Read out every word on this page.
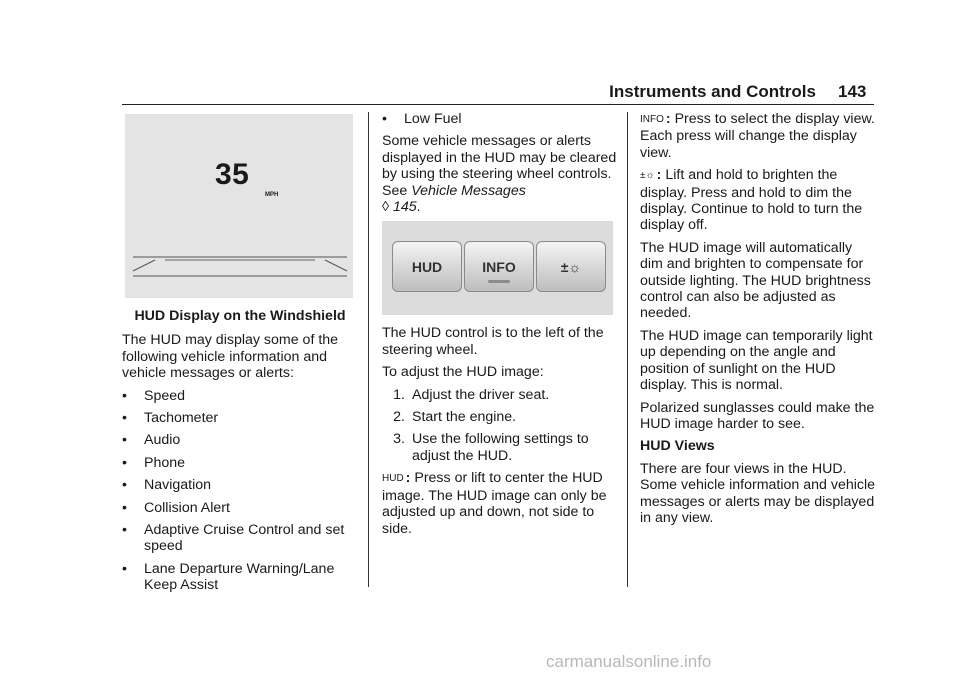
Instruments and Controls 143
35
MPH

HUD Display on the Windshield

The HUD may display some of the following vehicle information and vehicle messages or alerts:

•	Speed
•	Tachometer
•	Audio
•	Phone
•	Navigation
•	Collision Alert
•	Adaptive Cruise Control and set speed
•	Lane Departure Warning/Lane Keep Assist
•	Low Fuel

Some vehicle messages or alerts displayed in the HUD may be cleared by using the steering wheel controls. See Vehicle Messages
◊ 145.

HUD	INFO	±☼

The HUD control is to the left of the steering wheel.

To adjust the HUD image:

1. Adjust the driver seat.
2. Start the engine.
3. Use the following settings to adjust the HUD.

HUD : Press or lift to center the HUD image. The HUD image can only be adjusted up and down, not side to side.

INFO : Press to select the display view. Each press will change the display view.

±☼ : Lift and hold to brighten the display. Press and hold to dim the display. Continue to hold to turn the display off.

The HUD image will automatically dim and brighten to compensate for outside lighting. The HUD brightness control can also be adjusted as needed.

The HUD image can temporarily light up depending on the angle and position of sunlight on the HUD display. This is normal.

Polarized sunglasses could make the HUD image harder to see.

HUD Views

There are four views in the HUD. Some vehicle information and vehicle messages or alerts may be displayed in any view.

carmanualsonline.info
